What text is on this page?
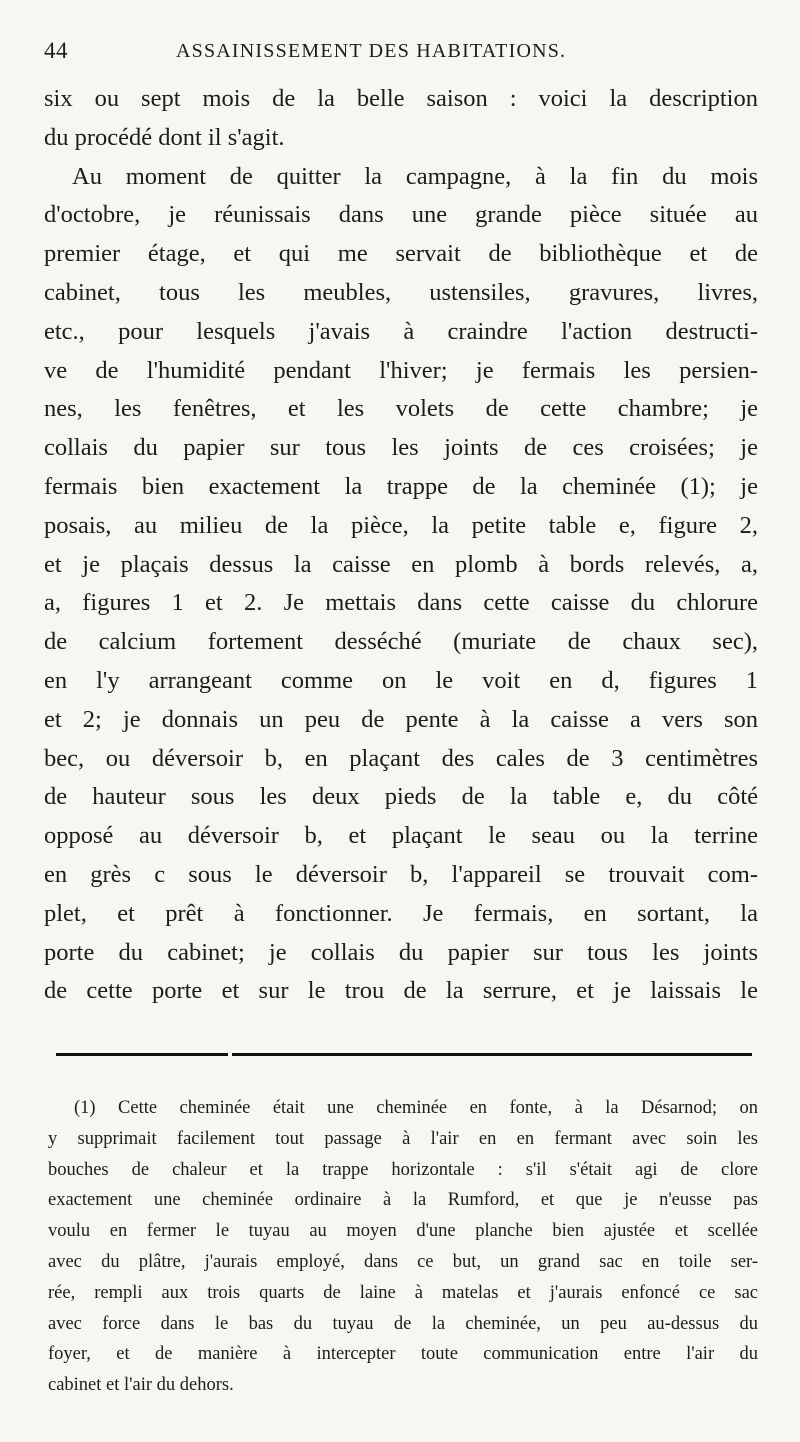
44	ASSAINISSEMENT DES HABITATIONS.
six ou sept mois de la belle saison : voici la description
du procédé dont il s'agit.
Au moment de quitter la campagne, à la fin du mois
d'octobre, je réunissais dans une grande pièce située au
premier étage, et qui me servait de bibliothèque et de
cabinet, tous les meubles, ustensiles, gravures, livres,
etc., pour lesquels j'avais à craindre l'action destructi-
ve de l'humidité pendant l'hiver; je fermais les persien-
nes, les fenêtres, et les volets de cette chambre; je
collais du papier sur tous les joints de ces croisées; je
fermais bien exactement la trappe de la cheminée (1); je
posais, au milieu de la pièce, la petite table e, figure 2,
et je plaçais dessus la caisse en plomb à bords relevés, a,
a, figures 1 et 2. Je mettais dans cette caisse du chlorure
de calcium fortement desséché (muriate de chaux sec),
en l'y arrangeant comme on le voit en d, figures 1
et 2; je donnais un peu de pente à la caisse a vers son
bec, ou déversoir b, en plaçant des cales de 3 centimètres
de hauteur sous les deux pieds de la table e, du côté
opposé au déversoir b, et plaçant le seau ou la terrine
en grès c sous le déversoir b, l'appareil se trouvait com-
plet, et prêt à fonctionner. Je fermais, en sortant, la
porte du cabinet; je collais du papier sur tous les joints
de cette porte et sur le trou de la serrure, et je laissais le
(1) Cette cheminée était une cheminée en fonte, à la Désarnod; on
y supprimait facilement tout passage à l'air en en fermant avec soin les
bouches de chaleur et la trappe horizontale : s'il s'était agi de clore
exactement une cheminée ordinaire à la Rumford, et que je n'eusse pas
voulu en fermer le tuyau au moyen d'une planche bien ajustée et scellée
avec du plâtre, j'aurais employé, dans ce but, un grand sac en toile ser-
rée, rempli aux trois quarts de laine à matelas et j'aurais enfoncé ce sac
avec force dans le bas du tuyau de la cheminée, un peu au-dessus du
foyer, et de manière à intercepter toute communication entre l'air du
cabinet et l'air du dehors.
